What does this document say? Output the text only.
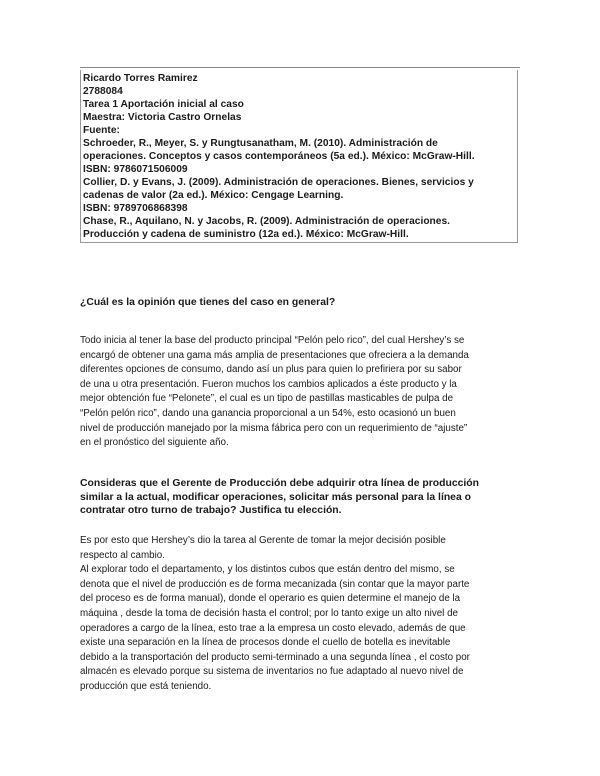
Ricardo Torres Ramirez
2788084
Tarea 1 Aportación inicial al caso
Maestra: Victoria Castro Ornelas
Fuente:
Schroeder, R., Meyer, S. y Rungtusanatham, M. (2010). Administración de
operaciones. Conceptos y casos contemporáneos (5a ed.). México: McGraw-Hill.
ISBN: 9786071506009
Collier, D. y Evans, J. (2009). Administración de operaciones. Bienes, servicios y
cadenas de valor (2a ed.). México: Cengage Learning.
ISBN: 9789706868398
Chase, R., Aquilano, N. y Jacobs, R. (2009). Administración de operaciones.
Producción y cadena de suministro (12a ed.). México: McGraw-Hill.
¿Cuál es la opinión que tienes del caso en general?
Todo inicia al tener la base del producto principal “Pelón pelo rico”, del cual Hershey’s se
encargó de obtener una gama más amplia de presentaciones que ofreciera a la demanda
diferentes opciones de consumo, dando así un plus para quien lo prefiriera por su sabor
de una u otra presentación. Fueron muchos los cambios aplicados a éste producto y la
mejor obtención fue “Pelonete”, el cual es un tipo de pastillas masticables de pulpa de
“Pelón pelón rico”, dando una ganancia proporcional a un 54%, esto ocasionó un buen
nivel de producción manejado por la misma fábrica pero con un requerimiento de “ajuste”
en el pronóstico del siguiente año.
Consideras que el Gerente de Producción debe adquirir otra línea de producción
similar a la actual, modificar operaciones, solicitar más personal para la línea o
contratar otro turno de trabajo? Justifica tu elección.
Es por esto que Hershey’s dio la tarea al Gerente de tomar la mejor decisión posible
respecto al cambio.
Al explorar todo el departamento, y los distintos cubos que están dentro del mismo, se
denota que el nivel de producción es de forma mecanizada (sin contar que la mayor parte
del proceso es de forma manual), donde el operario es quien determine el manejo de la
máquina , desde la toma de decisión hasta el control; por lo tanto exige un alto nivel de
operadores a cargo de la línea, esto trae a la empresa un costo elevado, además de que
existe una separación en la línea de procesos donde el cuello de botella es inevitable
debido a la transportación del producto semi-terminado a una segunda línea , el costo por
almacén es elevado porque su sistema de inventarios no fue adaptado al nuevo nivel de
producción que está teniendo.
